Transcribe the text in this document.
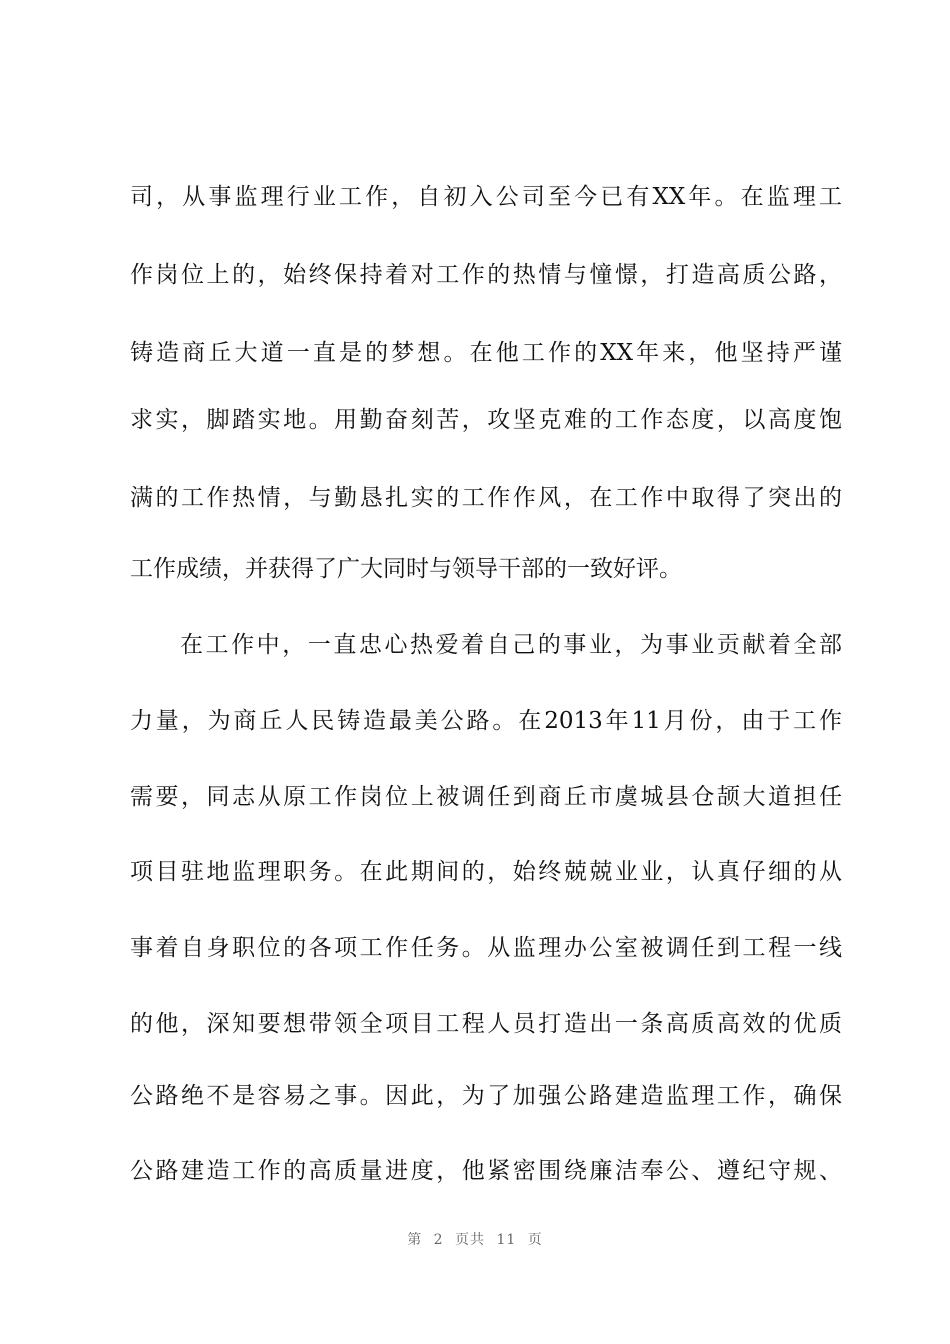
司，从事监理行业工作，自初入公司至今已有XX年。在监理工
作岗位上的，始终保持着对工作的热情与憧憬，打造高质公路，
铸造商丘大道一直是的梦想。在他工作的XX年来，他坚持严谨
求实，脚踏实地。用勤奋刻苦，攻坚克难的工作态度，以高度饱
满的工作热情，与勤恳扎实的工作作风，在工作中取得了突出的
工作成绩，并获得了广大同时与领导干部的一致好评。
在工作中，一直忠心热爱着自己的事业，为事业贡献着全部
力量，为商丘人民铸造最美公路。在2013年11月份，由于工作
需要，同志从原工作岗位上被调任到商丘市虞城县仓颉大道担任
项目驻地监理职务。在此期间的，始终兢兢业业，认真仔细的从
事着自身职位的各项工作任务。从监理办公室被调任到工程一线
的他，深知要想带领全项目工程人员打造出一条高质高效的优质
公路绝不是容易之事。因此，为了加强公路建造监理工作，确保
公路建造工作的高质量进度，他紧密围绕廉洁奉公、遵纪守规、
第 2 页共 11 页
